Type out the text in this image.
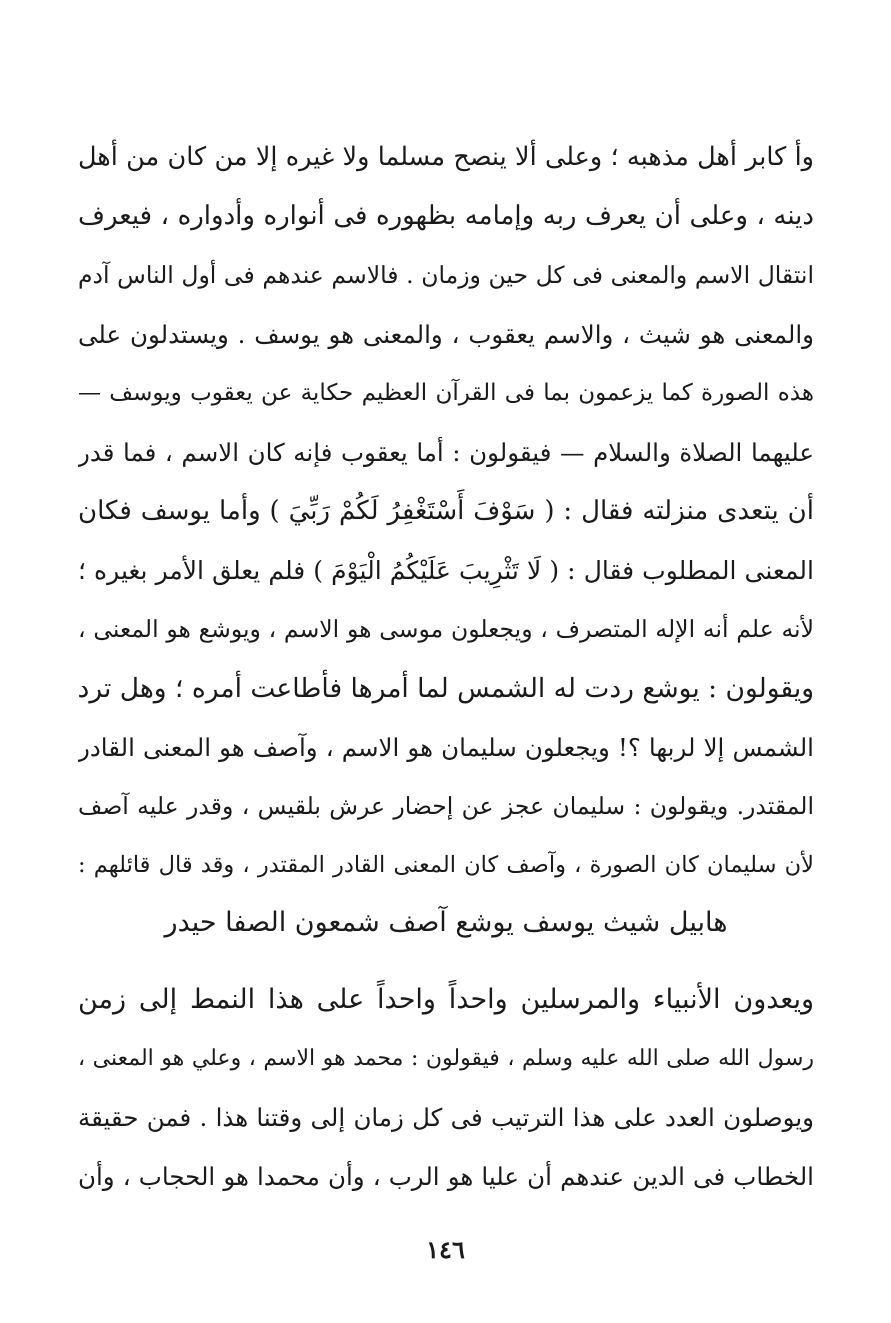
وأ كابر أهل مذهبه ؛ وعلى ألا ينصح مسلما ولا غيره إلا من كان من أهل
دينه ، وعلى أن يعرف ربه وإمامه بظهوره فى أنواره وأدواره ، فيعرف
انتقال الاسم والمعنى فى كل حين وزمان . فالاسم عندهم فى أول الناس آدم
والمعنى هو شيث ، والاسم يعقوب ، والمعنى هو يوسف . ويستدلون على
هذه الصورة كما يزعمون بما فى القرآن العظيم حكاية عن يعقوب ويوسف —
عليهما الصلاة والسلام — فيقولون : أما يعقوب فإنه كان الاسم ، فما قدر
أن يتعدى منزلته فقال : ( سَوْفَ أَسْتَغْفِرُ لَكُمْ رَبِّيَ ) وأما يوسف فكان
المعنى المطلوب فقال : ( لَا تَثْرِيبَ عَلَيْكُمُ الْيَوْمَ ) فلم يعلق الأمر بغيره ؛
لأنه علم أنه الإله المتصرف ، ويجعلون موسى هو الاسم ، ويوشع هو المعنى ،
ويقولون : يوشع ردت له الشمس لما أمرها فأطاعت أمره ؛ وهل ترد
الشمس إلا لربها ؟! ويجعلون سليمان هو الاسم ، وآصف هو المعنى القادر
المقتدر. ويقولون : سليمان عجز عن إحضار عرش بلقيس ، وقدر عليه آصف
لأن سليمان كان الصورة ، وآصف كان المعنى القادر المقتدر ، وقد قال قائلهم :
هابيل شيث يوسف يوشع آصف شمعون الصفا حيدر
ويعدون الأنبياء والمرسلين واحداً واحداً على هذا النمط إلى زمن
رسول الله صلى الله عليه وسلم ، فيقولون : محمد هو الاسم ، وعلي هو المعنى ،
ويوصلون العدد على هذا الترتيب فى كل زمان إلى وقتنا هذا . فمن حقيقة
الخطاب فى الدين عندهم أن عليا هو الرب ، وأن محمدا هو الحجاب ، وأن
١٤٦
